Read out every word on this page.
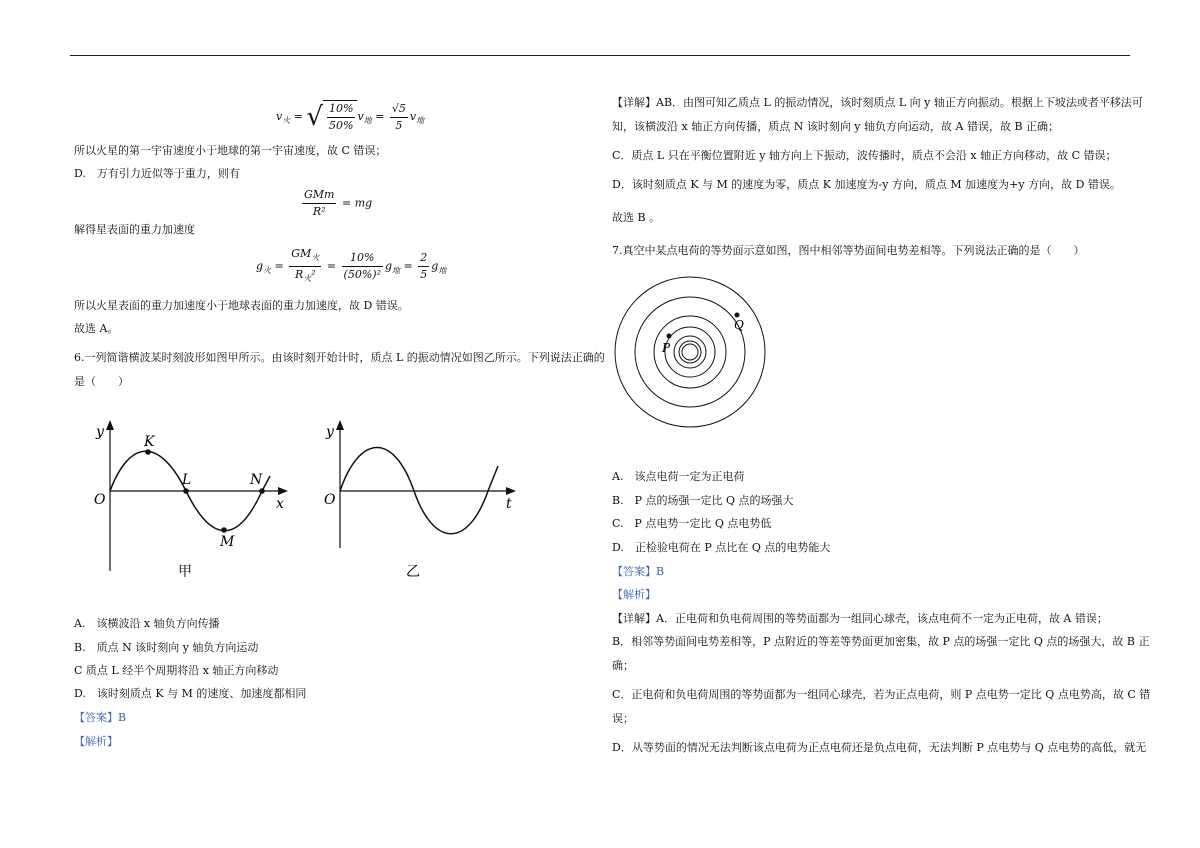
$v_火$ = √ $\frac{10\%}{50\%} v_地 = \frac{√5}{5} v_地$
所以火星的第一宇宙速度小于地球的第一宇宙速度，故 C 错误；
D.　万有引力近似等于重力，则有
$\frac{\text{GMm}}{\text{R²}}$ = mg
解得星表面的重力加速度
$g_火 = \frac{GM_火}{R_火^2} = \frac{10\%}{\text{(50\%)²}} g_地 = \frac{2}{5} g_地$
所以火星表面的重力加速度小于地球表面的重力加速度，故 D 错误。
故选 A。
6.一列简谐横波某时刻波形如图甲所示。由该时刻开始计时，质点 L 的振动情况如图乙所示。下列说法正确的
是（　　）
y
x
O
K
L	N
M
甲
y
t
O
乙
A.　该横波沿 x 轴负方向传播
B.　质点 N 该时刻向 y 轴负方向运动
C 质点 L 经半个周期将沿 x 轴正方向移动
D.　该时刻质点 K 与 M 的速度、加速度都相同
【答案】B
【解析】
【详解】AB．由图可知乙质点 L 的振动情况，该时刻质点 L 向 y 轴正方向振动。根据上下坡法或者平移法可
知，该横波沿 x 轴正方向传播，质点 N 该时刻向 y 轴负方向运动，故 A 错误，故 B 正确；
C．质点 L 只在平衡位置附近 y 轴方向上下振动，波传播时，质点不会沿 x 轴正方向移动，故 C 错误；
D．该时刻质点 K 与 M 的速度为零，质点 K 加速度为-y 方向，质点 M 加速度为+y 方向，故 D 错误。
故选 B 。
7.真空中某点电荷的等势面示意如图，图中相邻等势面间电势差相等。下列说法正确的是（　　）
P
Q
A.　该点电荷一定为正电荷
B.　P 点的场强一定比 Q 点的场强大
C.　P 点电势一定比 Q 点电势低
D.　正检验电荷在 P 点比在 Q 点的电势能大
【答案】B
【解析】
【详解】A．正电荷和负电荷周围的等势面都为一组同心球壳，该点电荷不一定为正电荷，故 A 错误；
B．相邻等势面间电势差相等，P 点附近的等差等势面更加密集，故 P 点的场强一定比 Q 点的场强大，故 B 正
确；
C．正电荷和负电荷周围的等势面都为一组同心球壳，若为正点电荷，则 P 点电势一定比 Q 点电势高，故 C 错
误；
D．从等势面的情况无法判断该点电荷为正点电荷还是负点电荷，无法判断 P 点电势与 Q 点电势的高低，就无
